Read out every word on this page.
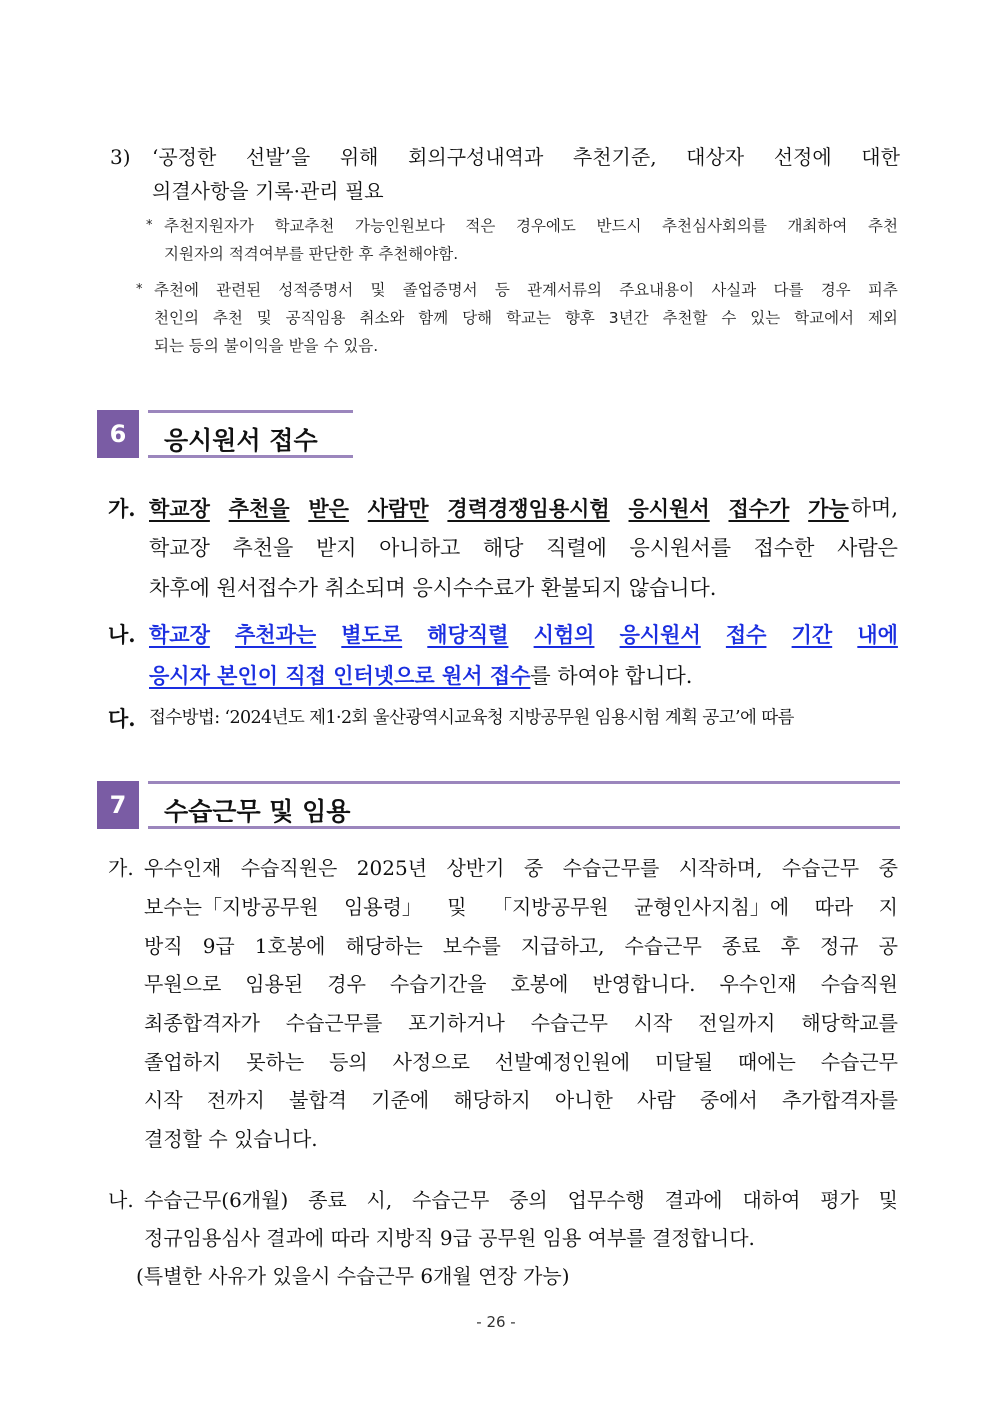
3) ‘공정한 선발’을 위해 회의구성내역과 추천기준, 대상자 선정에 대한
의결사항을 기록·관리 필요
* 추천지원자가 학교추천 가능인원보다 적은 경우에도 반드시 추천심사회의를 개최하여 추천
지원자의 적격여부를 판단한 후 추천해야함.
* 추천에 관련된 성적증명서 및 졸업증명서 등 관계서류의 주요내용이 사실과 다를 경우 피추
천인의 추천 및 공직임용 취소와 함께 당해 학교는 향후 3년간 추천할 수 있는 학교에서 제외
되는 등의 불이익을 받을 수 있음.
6	응시원서 접수
가. 학교장 추천을 받은 사람만 경력경쟁임용시험 응시원서 접수가 가능 하며,
학교장 추천을 받지 아니하고 해당 직렬에 응시원서를 접수한 사람은
차후에 원서접수가 취소되며 응시수수료가 환불되지 않습니다.
나. 학교장 추천과는 별도로 해당직렬 시험의 응시원서 접수 기간 내에
응시자 본인이 직접 인터넷으로 원서 접수를 하여야 합니다.
다. 접수방법: ‘2024년도 제1·2회 울산광역시교육청 지방공무원 임용시험 계획 공고’에 따름
7	수습근무 및 임용
가. 우수인재 수습직원은 2025년 상반기 중 수습근무를 시작하며, 수습근무 중
보수는「지방공무원 임용령」 및 「지방공무원 균형인사지침」에 따라 지
방직 9급 1호봉에 해당하는 보수를 지급하고, 수습근무 종료 후 정규 공
무원으로 임용된 경우 수습기간을 호봉에 반영합니다. 우수인재 수습직원
최종합격자가 수습근무를 포기하거나 수습근무 시작 전일까지 해당학교를
졸업하지 못하는 등의 사정으로 선발예정인원에 미달될 때에는 수습근무
시작 전까지 불합격 기준에 해당하지 아니한 사람 중에서 추가합격자를
결정할 수 있습니다.
나. 수습근무(6개월) 종료 시, 수습근무 중의 업무수행 결과에 대하여 평가 및
정규임용심사 결과에 따라 지방직 9급 공무원 임용 여부를 결정합니다.
(특별한 사유가 있을시 수습근무 6개월 연장 가능)
- 26 -
